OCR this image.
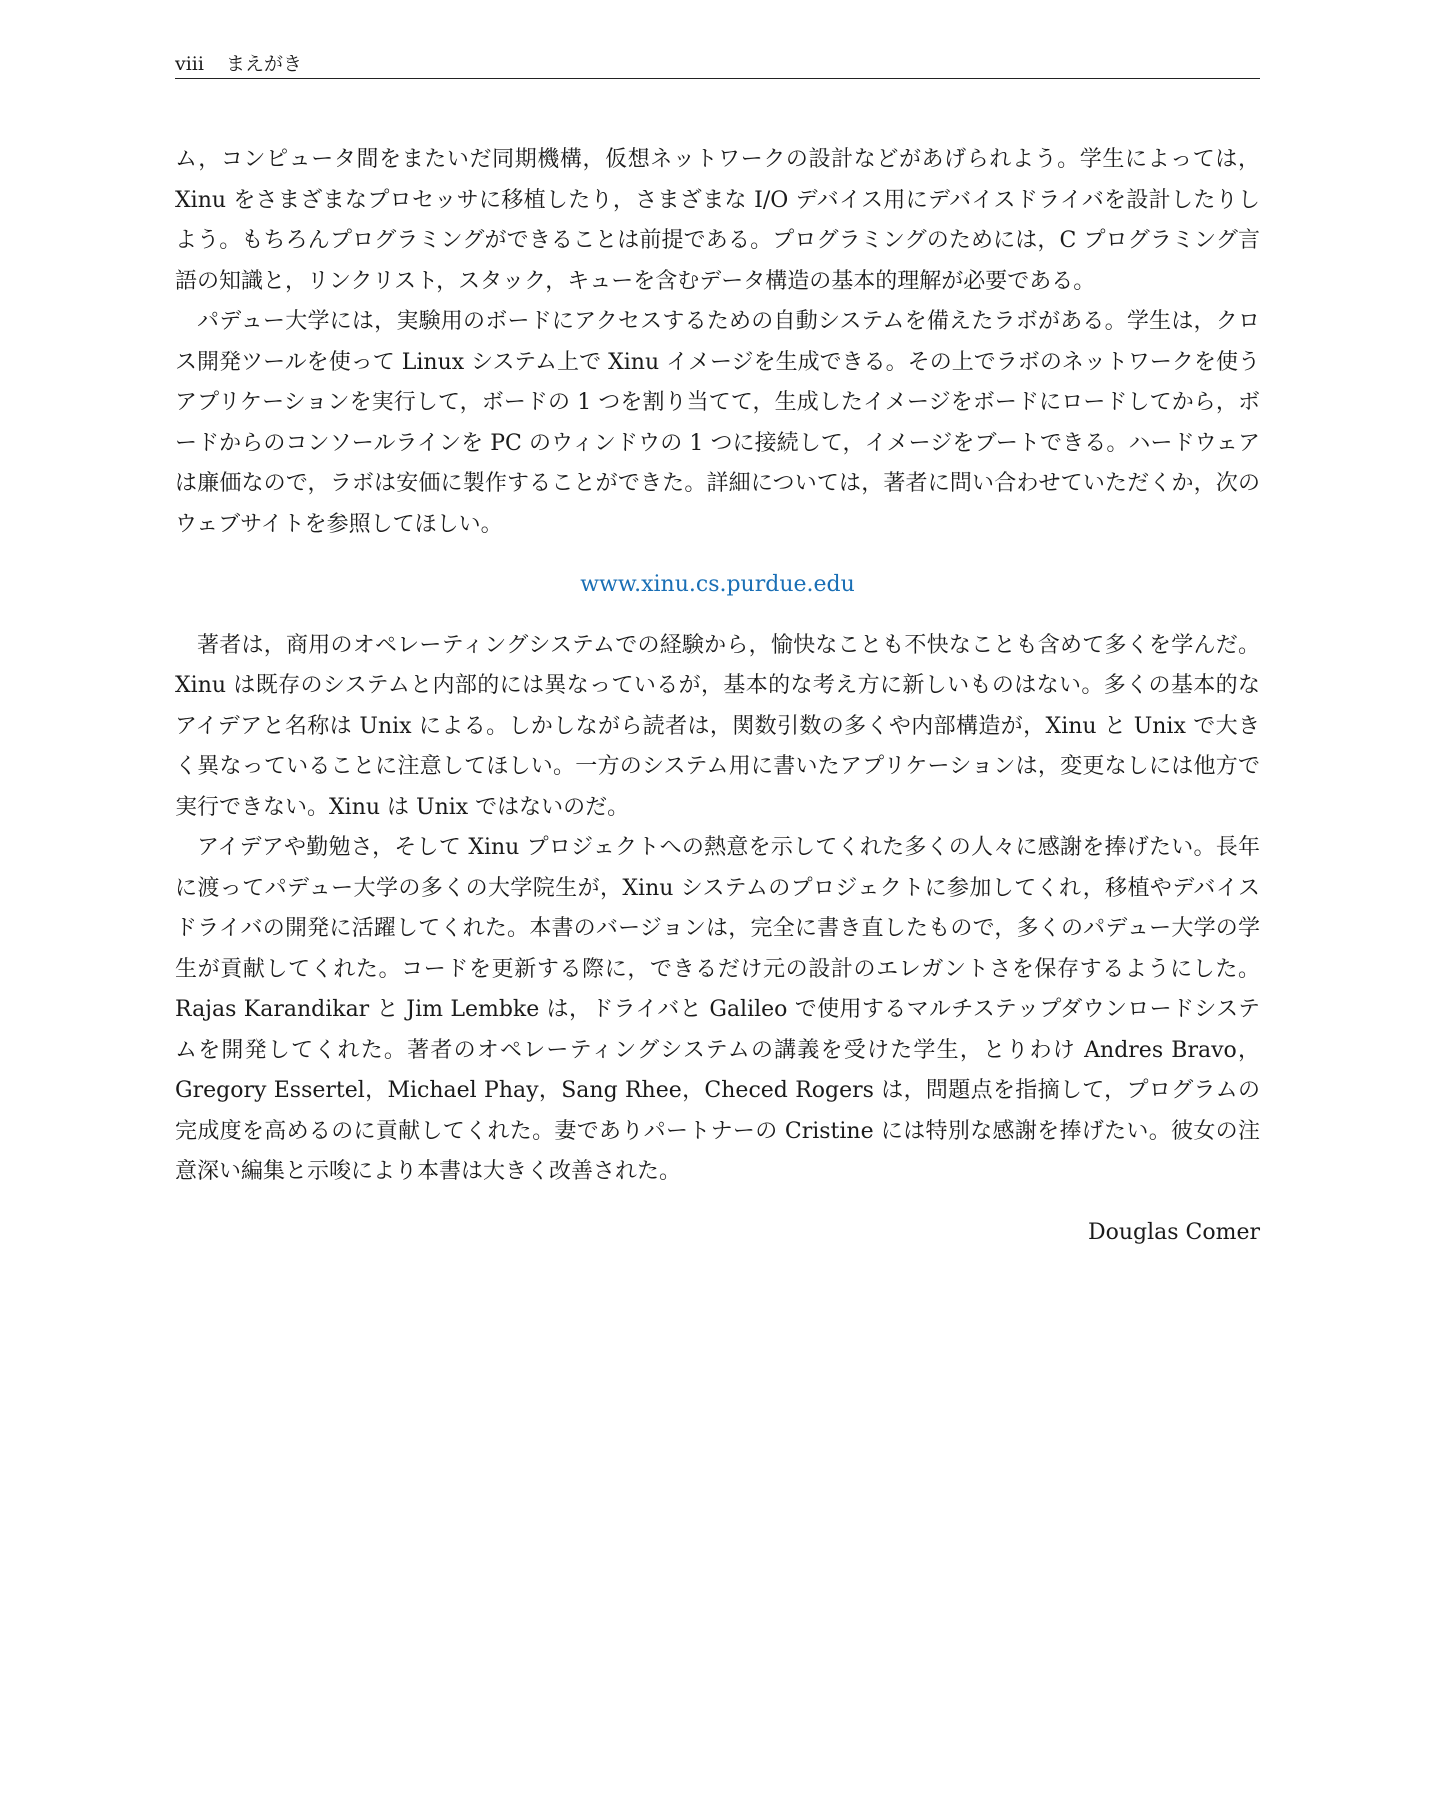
viii まえがき

ム，コンピュータ間をまたいだ同期機構，仮想ネットワークの設計などがあげられよう。学生によっては，Xinu をさまざまなプロセッサに移植したり，さまざまな I/O デバイス用にデバイスドライバを設計したりしよう。もちろんプログラミングができることは前提である。プログラミングのためには，C プログラミング言語の知識と，リンクリスト，スタック，キューを含むデータ構造の基本的理解が必要である。

パデュー大学には，実験用のボードにアクセスするための自動システムを備えたラボがある。学生は，クロス開発ツールを使って Linux システム上で Xinu イメージを生成できる。その上でラボのネットワークを使うアプリケーションを実行して，ボードの 1 つを割り当てて，生成したイメージをボードにロードしてから，ボードからのコンソールラインを PC のウィンドウの 1 つに接続して，イメージをブートできる。ハードウェアは廉価なので，ラボは安価に製作することができた。詳細については，著者に問い合わせていただくか，次のウェブサイトを参照してほしい。

www.xinu.cs.purdue.edu

著者は，商用のオペレーティングシステムでの経験から，愉快なことも不快なことも含めて多くを学んだ。Xinu は既存のシステムと内部的には異なっているが，基本的な考え方に新しいものはない。多くの基本的なアイデアと名称は Unix による。しかしながら読者は，関数引数の多くや内部構造が，Xinu と Unix で大きく異なっていることに注意してほしい。一方のシステム用に書いたアプリケーションは，変更なしには他方で実行できない。Xinu は Unix ではないのだ。

アイデアや勤勉さ，そして Xinu プロジェクトへの熱意を示してくれた多くの人々に感謝を捧げたい。長年に渡ってパデュー大学の多くの大学院生が，Xinu システムのプロジェクトに参加してくれ，移植やデバイスドライバの開発に活躍してくれた。本書のバージョンは，完全に書き直したもので，多くのパデュー大学の学生が貢献してくれた。コードを更新する際に，できるだけ元の設計のエレガントさを保存するようにした。Rajas Karandikar と Jim Lembke は，ドライバと Galileo で使用するマルチステップダウンロードシステムを開発してくれた。著者のオペレーティングシステムの講義を受けた学生，とりわけ Andres Bravo，Gregory Essertel，Michael Phay，Sang Rhee，Checed Rogers は，問題点を指摘して，プログラムの完成度を高めるのに貢献してくれた。妻でありパートナーの Cristine には特別な感謝を捧げたい。彼女の注意深い編集と示唆により本書は大きく改善された。

Douglas Comer
